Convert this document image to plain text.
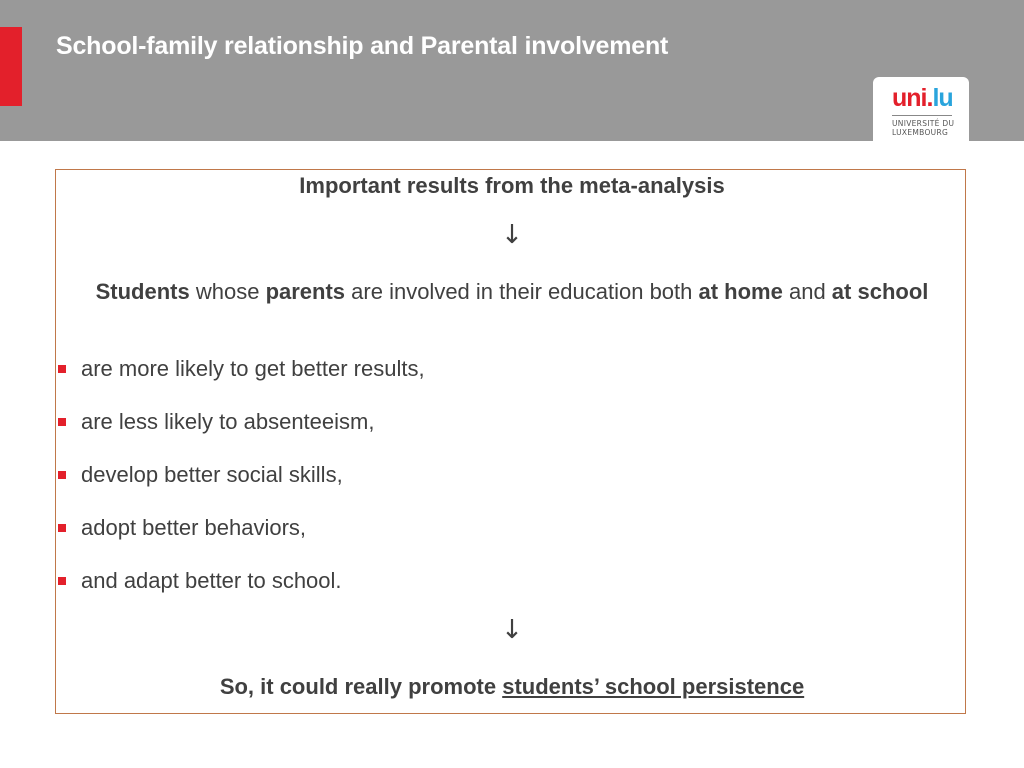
School-family relationship and Parental involvement
uni.lu
UNIVERSITÉ DU
LUXEMBOURG
Important results from the meta-analysis
↓
Students whose parents are involved in their education both at home and at school
are more likely to get better results,
are less likely to absenteeism,
develop better social skills,
adopt better behaviors,
and adapt better to school.
↓
So, it could really promote students’ school persistence
